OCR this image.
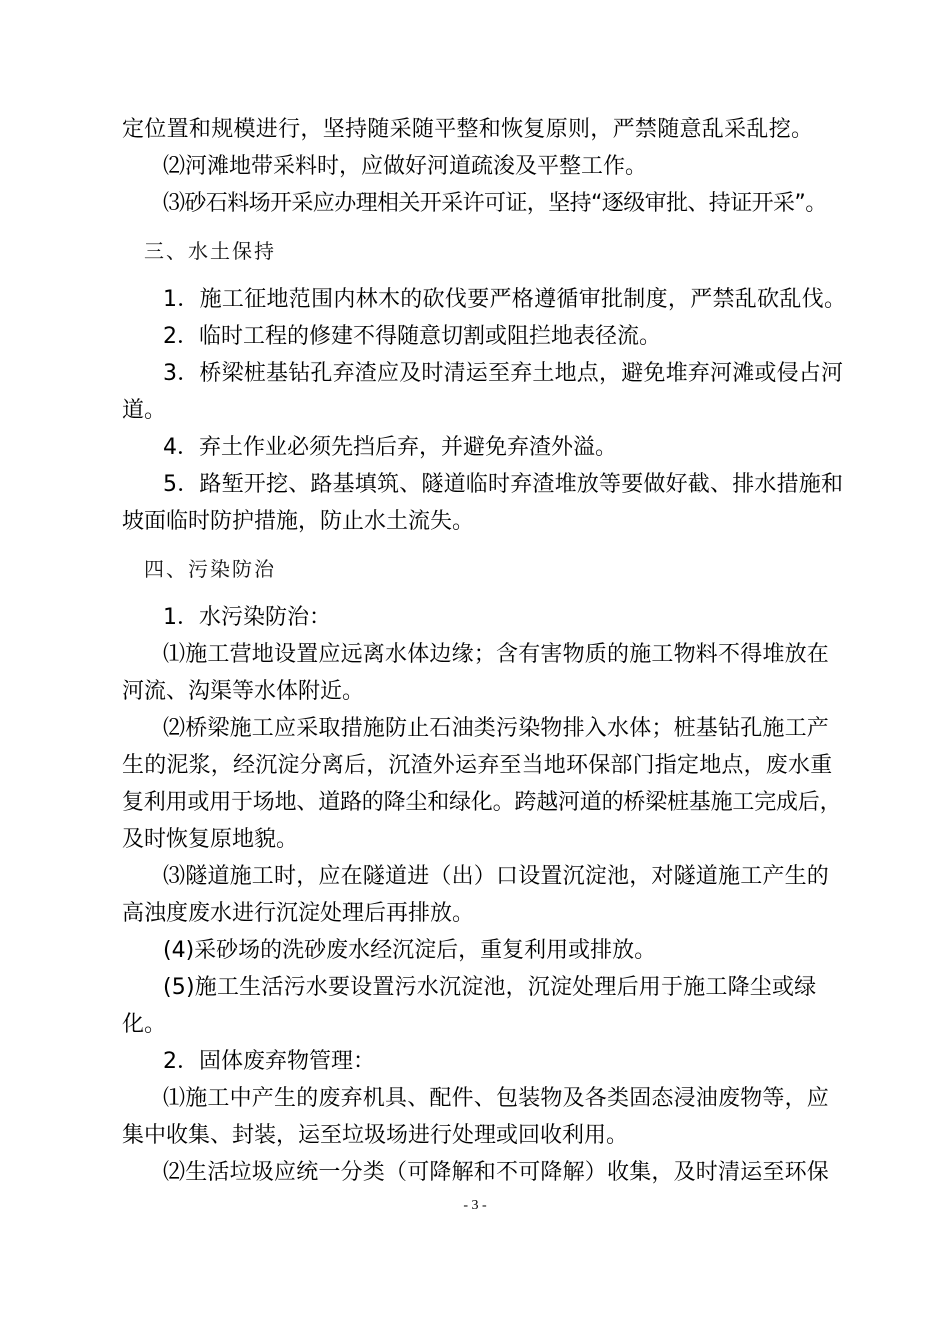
定位置和规模进行，坚持随采随平整和恢复原则，严禁随意乱采乱挖。
⑵河滩地带采料时，应做好河道疏浚及平整工作。
⑶砂石料场开采应办理相关开采许可证，坚持“逐级审批、持证开采”。
三、水土保持
1．施工征地范围内林木的砍伐要严格遵循审批制度，严禁乱砍乱伐。
2．临时工程的修建不得随意切割或阻拦地表径流。
3．桥梁桩基钻孔弃渣应及时清运至弃土地点，避免堆弃河滩或侵占河
道。
4．弃土作业必须先挡后弃，并避免弃渣外溢。
5．路堑开挖、路基填筑、隧道临时弃渣堆放等要做好截、排水措施和
坡面临时防护措施，防止水土流失。
四、污染防治
1．水污染防治：
⑴施工营地设置应远离水体边缘；含有害物质的施工物料不得堆放在
河流、沟渠等水体附近。
⑵桥梁施工应采取措施防止石油类污染物排入水体；桩基钻孔施工产
生的泥浆，经沉淀分离后，沉渣外运弃至当地环保部门指定地点，废水重
复利用或用于场地、道路的降尘和绿化。跨越河道的桥梁桩基施工完成后，
及时恢复原地貌。
⑶隧道施工时，应在隧道进（出）口设置沉淀池，对隧道施工产生的
高浊度废水进行沉淀处理后再排放。
(4)采砂场的洗砂废水经沉淀后，重复利用或排放。
(5)施工生活污水要设置污水沉淀池，沉淀处理后用于施工降尘或绿
化。
2．固体废弃物管理：
⑴施工中产生的废弃机具、配件、包装物及各类固态浸油废物等，应
集中收集、封装，运至垃圾场进行处理或回收利用。
⑵生活垃圾应统一分类（可降解和不可降解）收集，及时清运至环保
- 3 -
